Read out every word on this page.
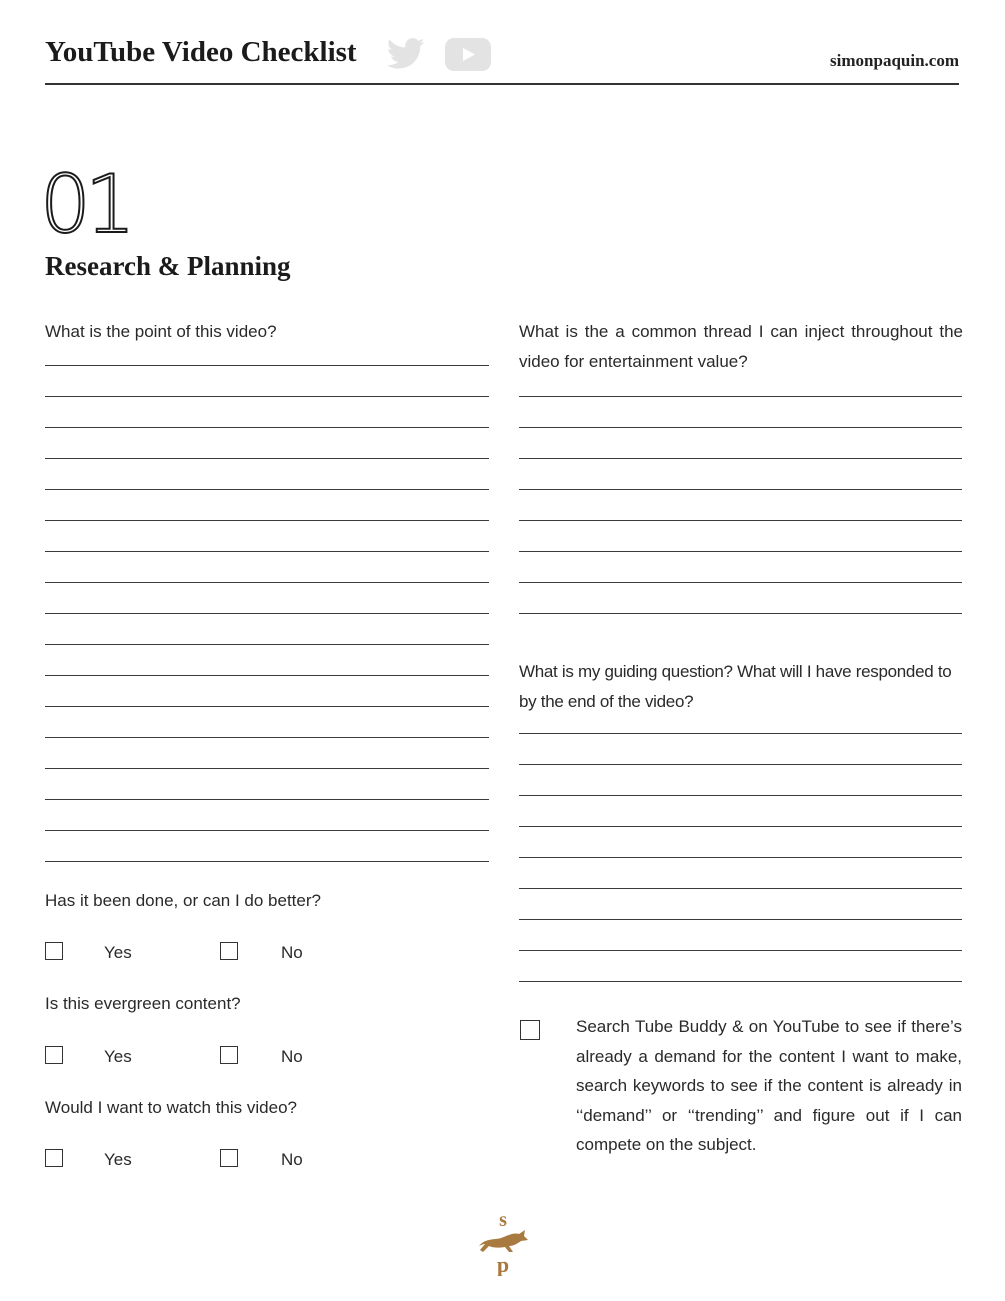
YouTube Video Checklist	simonpaquin.com
01
Research & Planning

What is the point of this video?

Has it been done, or can I do better?

Yes	No

Is this evergreen content?

Yes	No

Would I want to watch this video?

Yes	No

What is the a common thread I can inject throughout the video for entertainment value?

What is my guiding question? What will I have responded to by the end of the video?

Search Tube Buddy & on YouTube to see if there’s already a demand for the content I want to make, search keywords to see if the content is already in ‘‘demand’’ or ‘‘trending’’ and figure out if I can compete on the subject.

s
p
